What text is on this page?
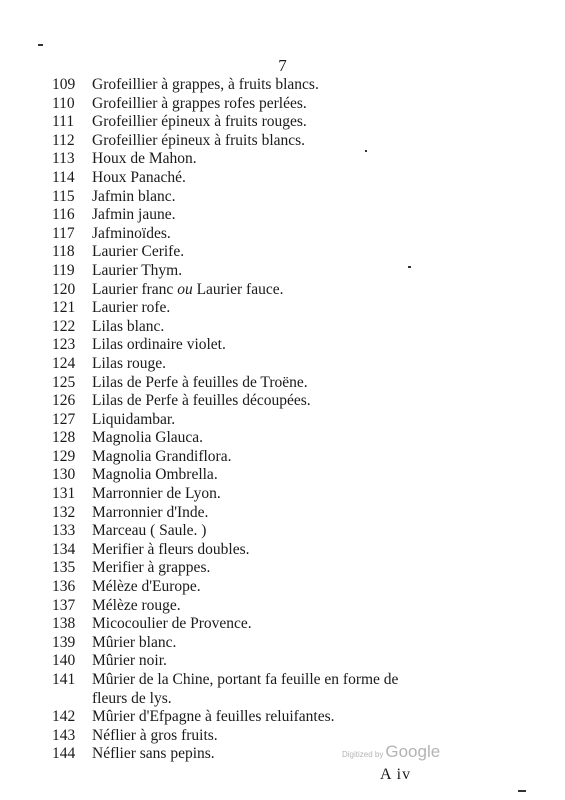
7
109	Grofeillier à grappes, à fruits blancs.
110	Grofeillier à grappes rofes perlées.
111	Grofeillier épineux à fruits rouges.
112	Grofeillier épineux à fruits blancs.
113	Houx de Mahon.
114	Houx Panaché.
115	Jafmin blanc.
116	Jafmin jaune.
117	Jafminoïdes.
118	Laurier Cerife.
119	Laurier Thym.
120	Laurier franc ou Laurier fauce.
121	Laurier rofe.
122	Lilas blanc.
123	Lilas ordinaire violet.
124	Lilas rouge.
125	Lilas de Perfe à feuilles de Troëne.
126	Lilas de Perfe à feuilles découpées.
127	Liquidambar.
128	Magnolia Glauca.
129	Magnolia Grandiflora.
130	Magnolia Ombrella.
131	Marronnier de Lyon.
132	Marronnier d'Inde.
133	Marceau ( Saule. )
134	Merifier à fleurs doubles.
135	Merifier à grappes.
136	Mélèze d'Europe.
137	Mélèze rouge.
138	Micocoulier de Provence.
139	Mûrier blanc.
140	Mûrier noir.
141	Mûrier de la Chine, portant fa feuille en forme de
fleurs de lys.
142	Mûrier d'Efpagne à feuilles reluifantes.
143	Néflier à gros fruits.
144	Néflier sans pepins.	Digitized by Google
A iv
